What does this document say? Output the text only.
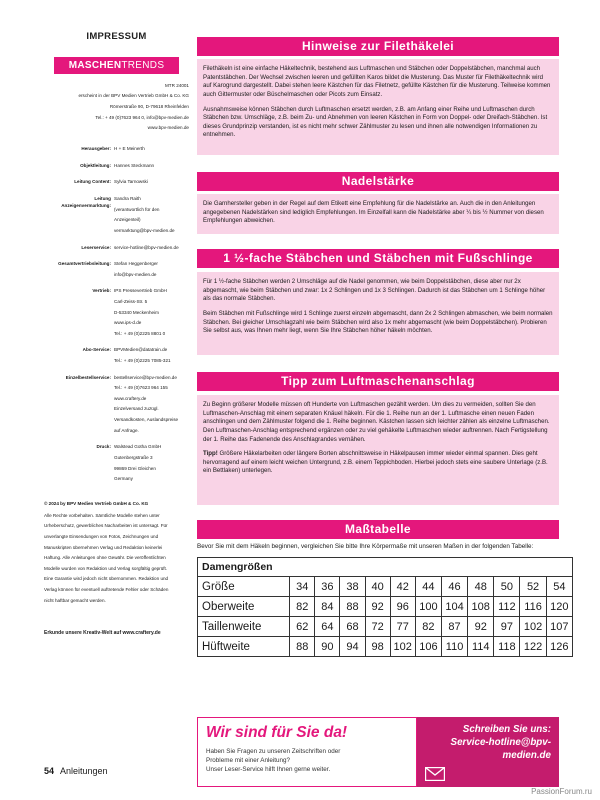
IMPRESSUM
MASCHENTRENDS
MTR 24001
erscheint in der BPV Medien Vertrieb GmbH & Co. KG
Römerstraße 90, D-79618 Rheinfelden
Tel.: + 49 (0)7623 964 0, info@bpv-medien.de
www.bpv-medien.de
Herausgeber: H + E Meinerth
Objektleitung: Hannes Steckmann
Leitung Content: Sylvia Tarnowski
Leitung Anzeigenvermarktung:
Sandra Raith
(verantwortlich für den
Anzeigenteil)
vermarktung@bpv-medien.de
Leserservice: service-hotline@bpv-medien.de
Gesamtvertriebsleitung: Stefan Heggenberger
info@bpv-medien.de
Vertrieb: IPS Pressevertrieb GmbH
Carl-Zeiss-Str. 5
D-53340 Meckenheim
www.ips-d.de
Tel.: + 49 (0)2225 8801 0
Abo-Service: BPVMedien@datatrain.de
Tel.: + 49 (0)2225 7085-321
Einzelbestellservice: bestellservice@bpv-medien.de
Tel.: + 49 (0)7623 964 155
www.craftery.de
Einzelversand zuzügl.
Versandkosten, Auslandspreise
auf Anfrage.
Druck: Walstead Gotha GmbH
Gutenbergstraße 3
99869 Drei Gleichen
Germany
© 2024 by BPV Medien Vertrieb GmbH & Co. KG
Alle Rechte vorbehalten. Sämtliche Modelle stehen unter
Urheberschutz, gewerbliches Nacharbeiten ist untersagt. Für
unverlangte Einsendungen von Fotos, Zeichnungen und
Manuskripten übernehmen Verlag und Redaktion keinerlei
Haftung. Alle Anleitungen ohne Gewähr. Die veröffentlichten
Modelle wurden von Redaktion und Verlag sorgfältig geprüft.
Eine Garantie wird jedoch nicht übernommen. Redaktion und
Verlag können für eventuell auftretende Fehler oder Schäden
nicht haftbar gemacht werden.
Erkunde unsere Kreativ-Welt auf www.craftery.de
Hinweise zur Filethäkelei

Filethäkeln ist eine einfache Häkeltechnik, bestehend aus Luftmaschen und Stäbchen oder Doppelstäbchen, manchmal auch Patentstäbchen. Der Wechsel zwischen leeren und gefüllten Karos bildet die Musterung. Das Muster für Filethäkeltechnik wird auf Karogrund dargestellt. Dabei stehen leere Kästchen für das Filetnetz, gefüllte Kästchen für die Musterung. Teilweise kommen auch Gittermuster oder Büschelmaschen oder Picots zum Einsatz.

Ausnahmsweise können Stäbchen durch Luftmaschen ersetzt werden, z.B. am Anfang einer Reihe und Luftmaschen durch Stäbchen bzw. Umschläge, z.B. beim Zu- und Abnehmen von leeren Kästchen in Form von Doppel- oder Dreifach-Stäbchen. Ist dieses Grundprinzip verstanden, ist es nicht mehr schwer Zählmuster zu lesen und ihnen alle notwendigen Informationen zu entnehmen.

Nadelstärke

Die Garnhersteller geben in der Regel auf dem Etikett eine Empfehlung für die Nadelstärke an. Auch die in den Anleitungen angegebenen Nadelstärken sind lediglich Empfehlungen. Im Einzelfall kann die Nadelstärke aber ¼ bis ½ Nummer von diesen Empfehlungen abweichen.

1 ½-fache Stäbchen und Stäbchen mit Fußschlinge

Für 1 ½-fache Stäbchen werden 2 Umschläge auf die Nadel genommen, wie beim Doppelstäbchen, diese aber nur 2x abgemascht, wie beim Stäbchen und zwar: 1x 2 Schlingen und 1x 3 Schlingen. Dadurch ist das Stäbchen um 1 Schlinge höher als das normale Stäbchen.

Beim Stäbchen mit Fußschlinge wird 1 Schlinge zuerst einzeln abgemascht, dann 2x 2 Schlingen abmaschen, wie beim normalen Stäbchen. Bei gleicher Umschlagzahl wie beim Stäbchen wird also 1x mehr abgemascht (wie beim Doppelstäbchen). Probieren Sie selbst aus, was Ihnen mehr liegt, wenn Sie Ihre Stäbchen höher häkeln möchten.

Tipp zum Luftmaschenanschlag

Zu Beginn größerer Modelle müssen oft Hunderte von Luftmaschen gezählt werden. Um dies zu vermeiden, sollten Sie den Luftmaschen-Anschlag mit einem separaten Knäuel häkeln. Für die 1. Reihe nun an der 1. Luftmasche einen neuen Faden anschlingen und dem Zählmuster folgend die 1. Reihe beginnen. Kästchen lassen sich leichter zählen als einzelne Luftmaschen. Den Luftmaschen-Anschlag entsprechend ergänzen oder zu viel gehäkelte Luftmaschen wieder auftrennen. Nach Fertigstellung der 1. Reihe das Fadenende des Anschlagrandes vernähen.

Tipp! Größere Häkelarbeiten oder längere Borten abschnittsweise in Häkelpausen immer wieder einmal spannen. Dies geht hervorragend auf einem leicht weichen Untergrund, z.B. einem Teppichboden. Hierbei jedoch stets eine saubere Unterlage (z.B. ein Bettlaken) unterlegen.

Maßtabelle
Bevor Sie mit dem Häkeln beginnen, vergleichen Sie bitte Ihre Körpermaße mit unseren Maßen in der folgenden Tabelle:
Damengrößen											
Größe	34	36	38	40	42	44	46	48	50	52	54
Oberweite	82	84	88	92	96	100	104	108	112	116	120
Taillenweite	62	64	68	72	77	82	87	92	97	102	107
Hüftweite	88	90	94	98	102	106	110	114	118	122	126
Wir sind für Sie da!
Haben Sie Fragen zu unseren Zeitschriften oder
Probleme mit einer Anleitung?
Unser Leser-Service hilft Ihnen gerne weiter.
Schreiben Sie uns:
Service-hotline@bpv-
medien.de
54 Anleitungen
PassionForum.ru
